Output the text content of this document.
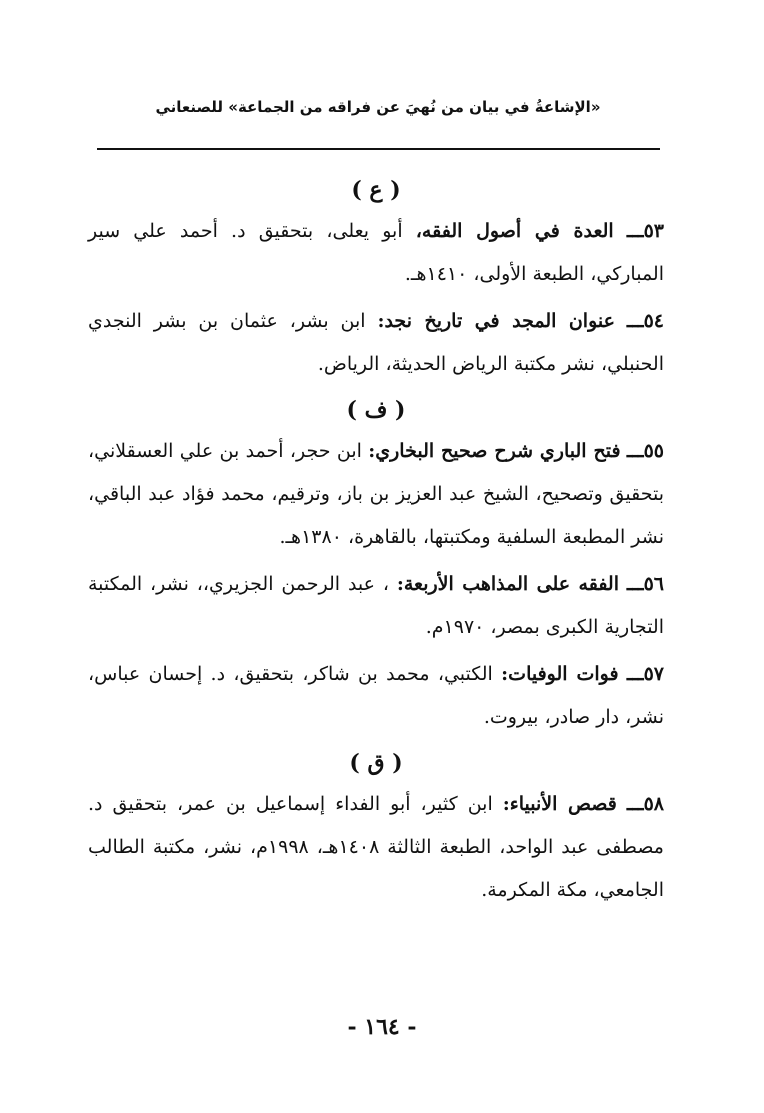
«الإشاعةُ في بيان من نُهيَ عن فراقه من الجماعة» للصنعاني
( ع )

٥٣ـــ العدة في أصول الفقه، أبو يعلى، بتحقيق د. أحمد علي سير المباركي، الطبعة الأولى، ١٤١٠هـ.

٥٤ـــ عنوان المجد في تاريخ نجد: ابن بشر، عثمان بن بشر النجدي الحنبلي، نشر مكتبة الرياض الحديثة، الرياض.

( ف )

٥٥ـــ فتح الباري شرح صحيح البخاري: ابن حجر، أحمد بن علي العسقلاني، بتحقيق وتصحيح، الشيخ عبد العزيز بن باز، وترقيم، محمد فؤاد عبد الباقي، نشر المطبعة السلفية ومكتبتها، بالقاهرة، ١٣٨٠هـ.

٥٦ـــ الفقه على المذاهب الأربعة: ، عبد الرحمن الجزيري،، نشر، المكتبة التجارية الكبرى بمصر، ١٩٧٠م.

٥٧ـــ فوات الوفيات: الكتبي، محمد بن شاكر، بتحقيق، د. إحسان عباس، نشر، دار صادر، بيروت.

( ق )

٥٨ـــ قصص الأنبياء: ابن كثير، أبو الفداء إسماعيل بن عمر، بتحقيق د. مصطفى عبد الواحد، الطبعة الثالثة ١٤٠٨هـ، ١٩٩٨م، نشر، مكتبة الطالب الجامعي، مكة المكرمة.

- ١٦٤ -
